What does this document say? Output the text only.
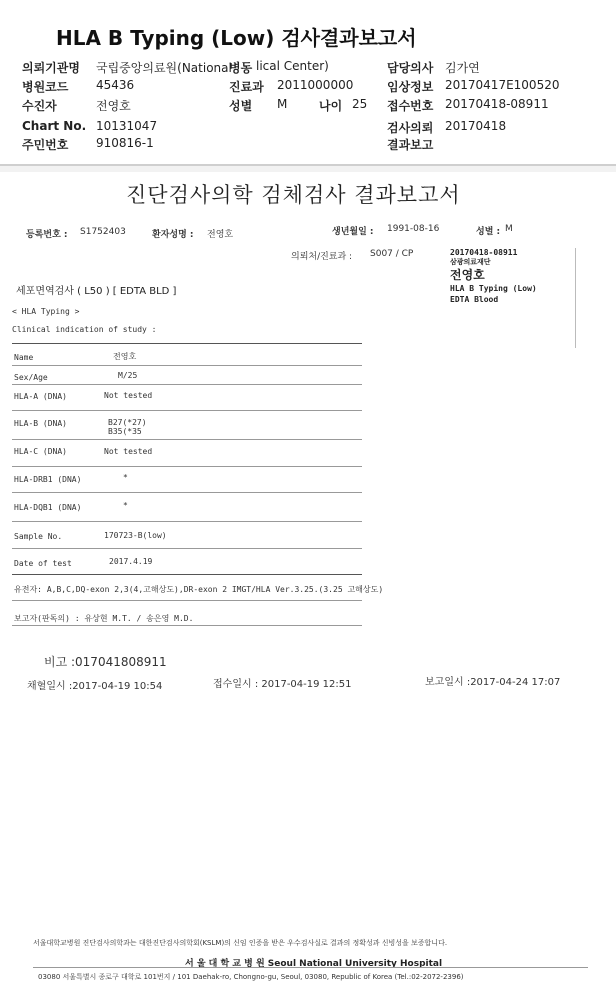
HLA B Typing (Low) 검사결과보고서
의뢰기관명 국립중앙의료원(National
병동 lical Center)	담당의사 김가연
병원코드 45436	진료과 2011000000	임상정보 20170417E100520
수진자	전영호	성별 M	나이 25 접수번호 20170418-08911
Chart No. 10131047	검사의뢰 20170418
주민번호 910816-1	결과보고
진단검사의학 검체검사 결과보고서
등록번호 : S1752403	환자성명 : 전영호	생년월일 : 1991-08-16	성별 : M
의뢰처/진료과 : S007 / CP	20170418-08911
삼광의료재단
전영호
HLA B Typing (Low)
EDTA Blood
세포면역검사 ( L50 ) [ EDTA BLD ]
< HLA Typing >
Clinical indication of study :
Name	전영호
Sex/Age	M/25
HLA-A (DNA)	Not tested
HLA-B (DNA)	B27(*27)
B35(*35
HLA-C (DNA)	Not tested
HLA-DRB1 (DNA)	*
HLA-DQB1 (DNA)	*
Sample No.	170723-B(low)
Date of test	2017.4.19
유전자: A,B,C,DQ-exon 2,3(4,고해상도),DR-exon 2 IMGT/HLA Ver.3.25.(3.25 고해상도)
보고자(판독의) : 유상현 M.T. / 송은영 M.D.
비고 :017041808911
채혈일시 :2017-04-19 10:54	접수일시 : 2017-04-19 12:51	보고일시 :2017-04-24 17:07
서울대학교병원 진단검사의학과는 대한진단검사의학회(KSLM)의 신임 인증을 받은 우수검사실로 결과의 정확성과 신빙성을 보증합니다.
서 울 대 학 교 병 원 Seoul National University Hospital
03080 서울특별시 종로구 대학로 101번지 / 101 Daehak-ro, Chongno-gu, Seoul, 03080, Republic of Korea (Tel.:02-2072-2396)
